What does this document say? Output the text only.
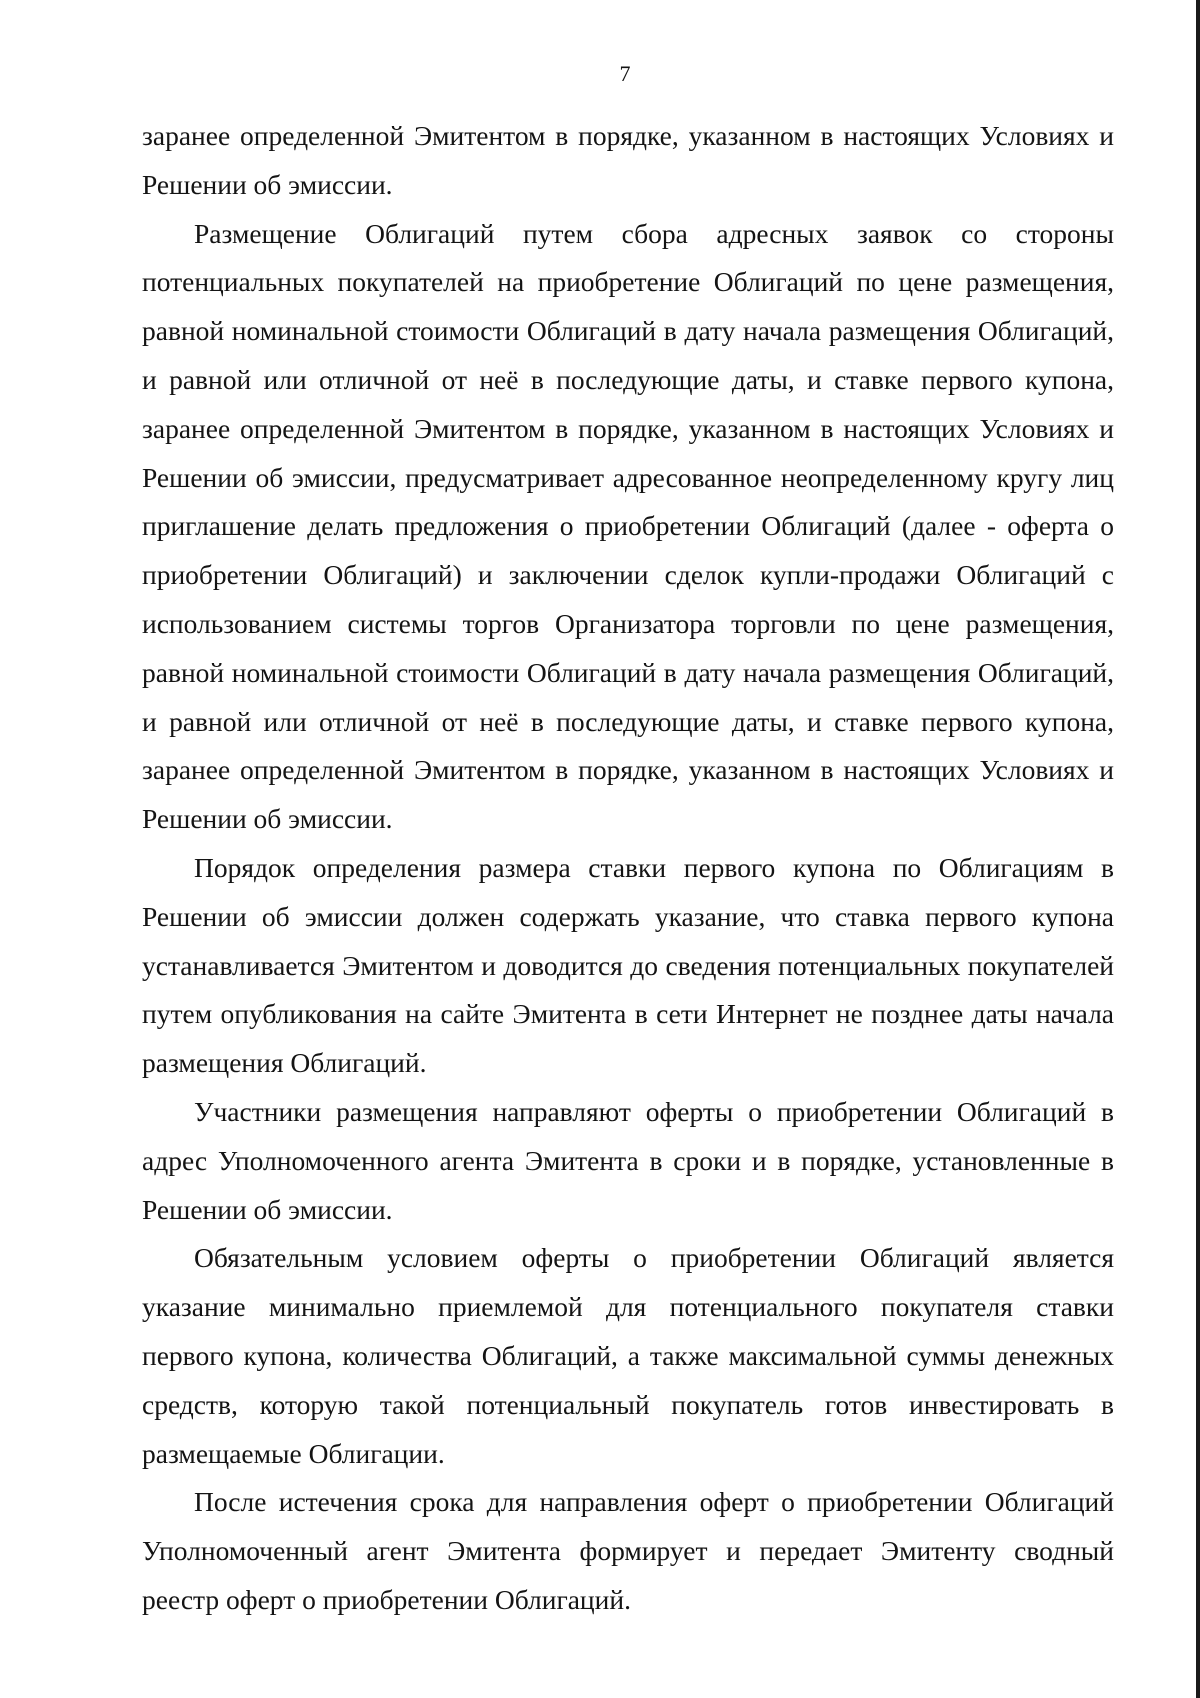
7

заранее определенной Эмитентом в порядке, указанном в настоящих Условиях и Решении об эмиссии.

Размещение Облигаций путем сбора адресных заявок со стороны потенциальных покупателей на приобретение Облигаций по цене размещения, равной номинальной стоимости Облигаций в дату начала размещения Облигаций, и равной или отличной от неё в последующие даты, и ставке первого купона, заранее определенной Эмитентом в порядке, указанном в настоящих Условиях и Решении об эмиссии, предусматривает адресованное неопределенному кругу лиц приглашение делать предложения о приобретении Облигаций (далее - оферта о приобретении Облигаций) и заключении сделок купли-продажи Облигаций с использованием системы торгов Организатора торговли по цене размещения, равной номинальной стоимости Облигаций в дату начала размещения Облигаций, и равной или отличной от неё в последующие даты, и ставке первого купона, заранее определенной Эмитентом в порядке, указанном в настоящих Условиях и Решении об эмиссии.

Порядок определения размера ставки первого купона по Облигациям в Решении об эмиссии должен содержать указание, что ставка первого купона устанавливается Эмитентом и доводится до сведения потенциальных покупателей путем опубликования на сайте Эмитента в сети Интернет не позднее даты начала размещения Облигаций.

Участники размещения направляют оферты о приобретении Облигаций в адрес Уполномоченного агента Эмитента в сроки и в порядке, установленные в Решении об эмиссии.

Обязательным условием оферты о приобретении Облигаций является указание минимально приемлемой для потенциального покупателя ставки первого купона, количества Облигаций, а также максимальной суммы денежных средств, которую такой потенциальный покупатель готов инвестировать в размещаемые Облигации.

После истечения срока для направления оферт о приобретении Облигаций Уполномоченный агент Эмитента формирует и передает Эмитенту сводный реестр оферт о приобретении Облигаций.
